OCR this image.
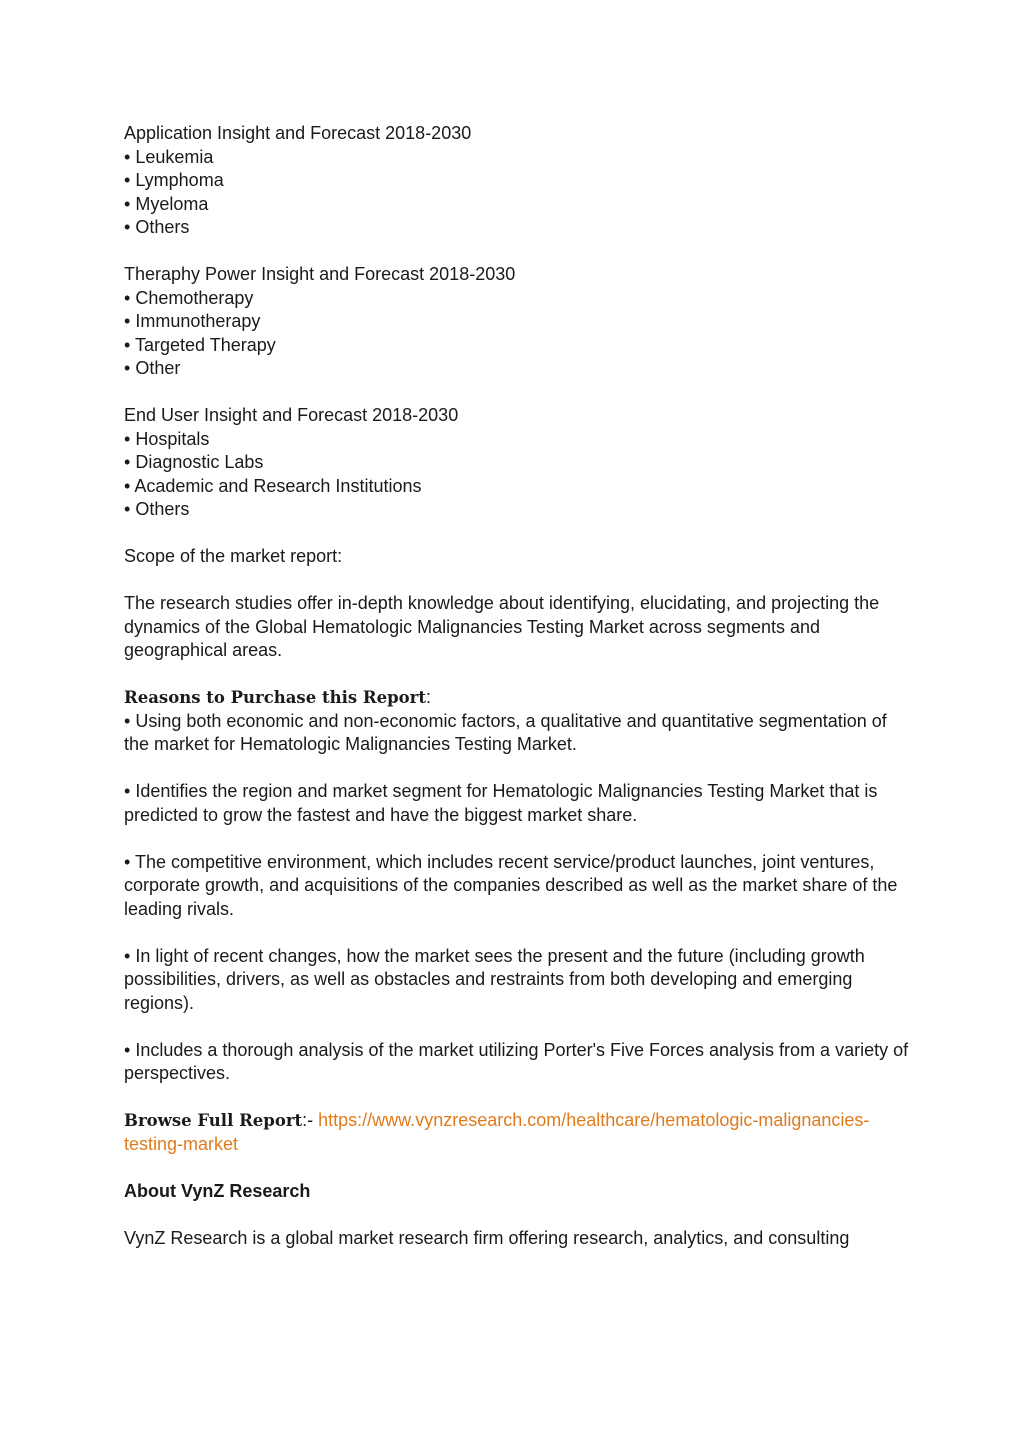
Application Insight and Forecast 2018-2030

• Leukemia
• Lymphoma
• Myeloma
• Others

Theraphy Power Insight and Forecast 2018-2030

• Chemotherapy
• Immunotherapy
• Targeted Therapy
• Other

End User Insight and Forecast 2018-2030

• Hospitals
• Diagnostic Labs
• Academic and Research Institutions
• Others

Scope of the market report:

The research studies offer in-depth knowledge about identifying, elucidating, and projecting the dynamics of the Global Hematologic Malignancies Testing Market across segments and geographical areas.

Reasons to Purchase this Report:

• Using both economic and non-economic factors, a qualitative and quantitative segmentation of the market for Hematologic Malignancies Testing Market.

• Identifies the region and market segment for Hematologic Malignancies Testing Market that is predicted to grow the fastest and have the biggest market share.

• The competitive environment, which includes recent service/product launches, joint ventures, corporate growth, and acquisitions of the companies described as well as the market share of the leading rivals.

• In light of recent changes, how the market sees the present and the future (including growth possibilities, drivers, as well as obstacles and restraints from both developing and emerging regions).

• Includes a thorough analysis of the market utilizing Porter's Five Forces analysis from a variety of perspectives.

Browse Full Report:- https://www.vynzresearch.com/healthcare/hematologic-malignancies-testing-market

About VynZ Research

VynZ Research is a global market research firm offering research, analytics, and consulting
